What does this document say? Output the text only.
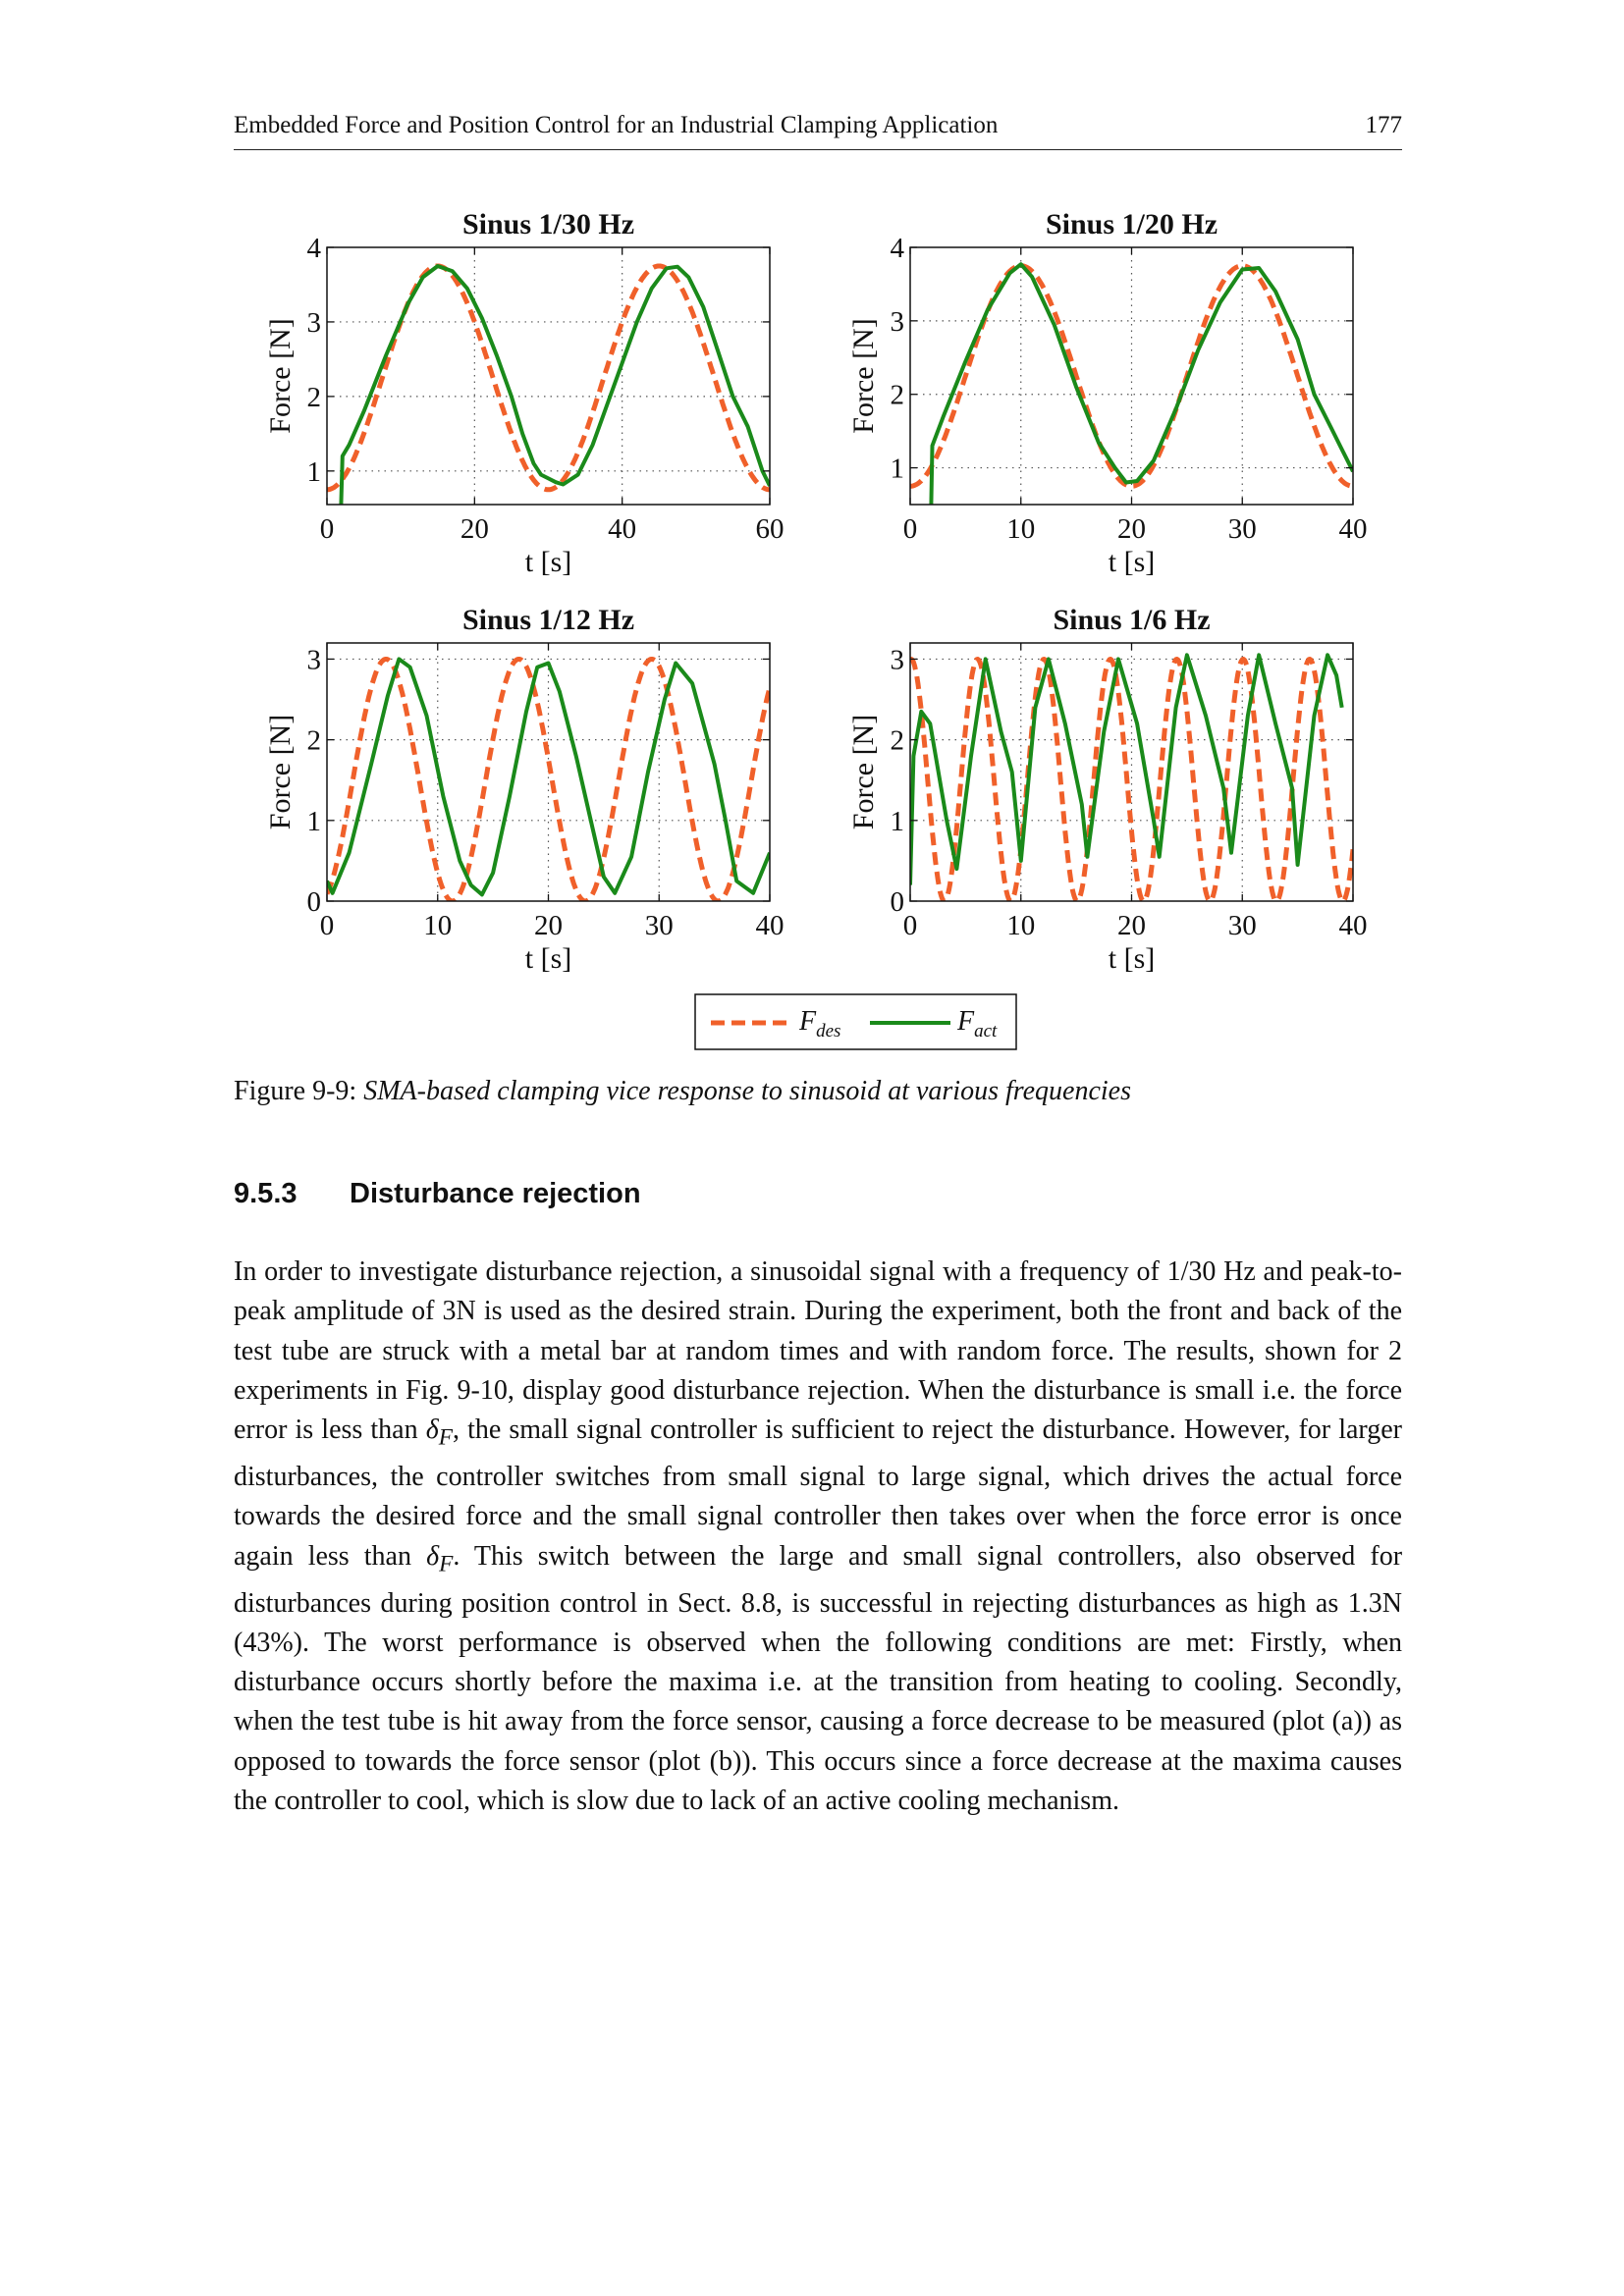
Embedded Force and Position Control for an Industrial Clamping Application	177
0	20	40	60
1
2
3
4
Sinus 1/30 Hz
t [s]
Force [N]
0	10	20	30	40
1
2
3
4
Sinus 1/20 Hz
t [s]
Force [N]
0	10	20	30	40
0
1
2
3
Sinus 1/12 Hz
t [s]
Force [N]
0	10	20	30	40
0
1
2
3
Sinus 1/6 Hz
t [s]
Force [N]
$F_{des}$	$F_{act}$
Figure 9-9: SMA-based clamping vice response to sinusoid at various frequencies
9.5.3 Disturbance rejection

In order to investigate disturbance rejection, a sinusoidal signal with a frequency of 1/30 Hz and peak-to-peak amplitude of 3N is used as the desired strain. During the experiment, both the front and back of the test tube are struck with a metal bar at random times and with random force. The results, shown for 2 experiments in Fig. 9-10, display good disturbance rejection. When the disturbance is small i.e. the force error is less than $\delta_F$, the small signal controller is sufficient to reject the disturbance. However, for larger disturbances, the controller switches from small signal to large signal, which drives the actual force towards the desired force and the small signal controller then takes over when the force error is once again less than $\delta_F$. This switch between the large and small signal controllers, also observed for disturbances during position control in Sect. 8.8, is successful in rejecting disturbances as high as 1.3N (43%). The worst performance is observed when the following conditions are met: Firstly, when disturbance occurs shortly before the maxima i.e. at the transition from heating to cooling. Secondly, when the test tube is hit away from the force sensor, causing a force decrease to be measured (plot (a)) as opposed to towards the force sensor (plot (b)). This occurs since a force decrease at the maxima causes the controller to cool, which is slow due to lack of an active cooling mechanism.
